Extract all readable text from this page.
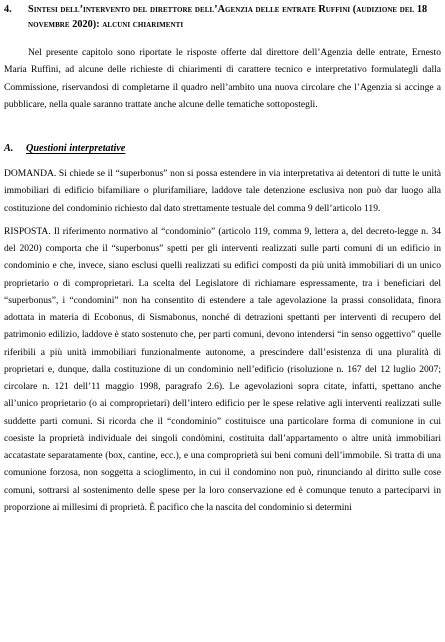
4.	Sintesi dell’intervento del direttore dell’Agenzia delle entrate Ruffini (audizione del 18 novembre 2020): alcuni chiarimenti

Nel presente capitolo sono riportate le risposte offerte dal direttore dell’Agenzia delle entrate, Ernesto Maria Ruffini, ad alcune delle richieste di chiarimenti di carattere tecnico e interpretativo formulategli dalla Commissione, riservandosi di completarne il quadro nell’ambito una nuova circolare che l’Agenzia si accinge a pubblicare, nella quale saranno trattate anche alcune delle tematiche sottoposteglì.

A.	Questioni interpretative

DOMANDA. Si chiede se il “superbonus” non si possa estendere in via interpretativa ai detentori di tutte le unità immobiliari di edificio bifamiliare o plurifamiliare, laddove tale detenzione esclusiva non può dar luogo alla costituzione del condominio richiesto dal dato strettamente testuale del comma 9 dell’articolo 119.

RISPOSTA. Il riferimento normativo al “condominio” (articolo 119, comma 9, lettera a, del decreto-legge n. 34 del 2020) comporta che il “superbonus” spetti per gli interventi realizzati sulle parti comuni di un edificio in condominio e che, invece, siano esclusi quelli realizzati su edifici composti da più unità immobiliari di un unico proprietario o di comproprietari. La scelta del Legislatore di richiamare espressamente, tra i beneficiari del “superbonus”, i “condomini” non ha consentito di estendere a tale agevolazione la prassi consolidata, finora adottata in materia di Ecobonus, di Sismabonus, nonché di detrazioni spettanti per interventi di recupero del patrimonio edilizio, laddove è stato sostenuto che, per parti comuni, devono intendersi “in senso oggettivo” quelle riferibili a più unità immobiliari funzionalmente autonome, a prescindere dall’esistenza di una pluralità di proprietari e, dunque, dalla costituzione di un condominio nell’edificio (risoluzione n. 167 del 12 luglio 2007; circolare n. 121 dell’11 maggio 1998, paragrafo 2.6). Le agevolazioni sopra citate, infatti, spettano anche all’unico proprietario (o ai comproprietari) dell’intero edificio per le spese relative agli interventi realizzati sulle suddette parti comuni. Si ricorda che il “condominio” costituisce una particolare forma di comunione in cui coesiste la proprietà individuale dei singoli condòmini, costituita dall’appartamento o altre unità immobiliari accatastate separatamente (box, cantine, ecc.), e una comproprietà sui beni comuni dell’immobile. Si tratta di una comunione forzosa, non soggetta a scioglimento, in cui il condomino non può, rinunciando al diritto sulle cose comuni, sottrarsi al sostenimento delle spese per la loro conservazione ed è comunque tenuto a parteciparvi in proporzione ai millesimi di proprietà. È pacifico che la nascita del condominio si determini
